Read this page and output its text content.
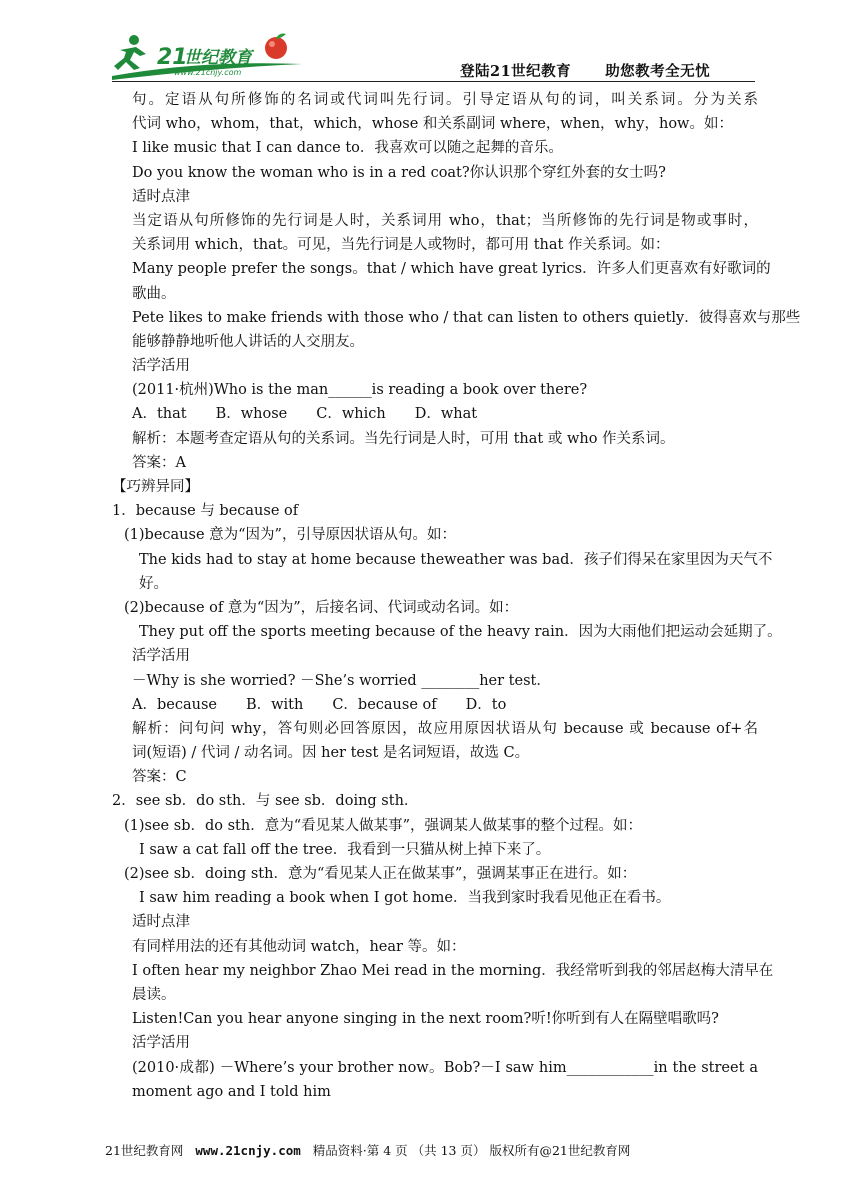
21
世纪教育
www.21cnjy.com	登陆21世纪教育 助您教考全无忧
句。定语从句所修饰的名词或代词叫先行词。引导定语从句的词，叫关系词。分为关系
代词 who，whom，that，which，whose 和关系副词 where，when，why，how。如：
I like music that I can dance to．我喜欢可以随之起舞的音乐。
Do you know the woman who is in a red coat?你认识那个穿红外套的女士吗?
适时点津
当定语从句所修饰的先行词是人时，关系词用 who，that；当所修饰的先行词是物或事时，
关系词用 which，that。可见，当先行词是人或物时，都可用 that 作关系词。如：
Many people prefer the songs。that / which have great lyrics．许多人们更喜欢有好歌词的
歌曲。
Pete likes to make friends with those who / that can listen to others quietly．彼得喜欢与那些
能够静静地听他人讲话的人交朋友。
活学活用
(2011·杭州)Who is the man______is reading a book over there?
A．that　　B．whose　　C．which　　D．what
解析：本题考查定语从句的关系词。当先行词是人时，可用 that 或 who 作关系词。
答案：A
【巧辨异同】
1．because 与 because of
(1)because 意为“因为”，引导原因状语从句。如：
The kids had to stay at home because theweather was bad．孩子们得呆在家里因为天气不
好。
(2)because of 意为“因为”，后接名词、代词或动名词。如：
They put off the sports meeting because of the heavy rain．因为大雨他们把运动会延期了。
活学活用
－Why is she worried? －She’s worried ________her test．
A．because　　B．with　　C．because of　　D．to
解析：问句问 why，答句则必回答原因，故应用原因状语从句 because 或 because of+名
词(短语) / 代词 / 动名词。因 her test 是名词短语，故选 C。
答案：C
2．see sb．do sth．与 see sb．doing sth．
(1)see sb．do sth．意为“看见某人做某事”，强调某人做某事的整个过程。如：
I saw a cat fall off the tree．我看到一只猫从树上掉下来了。
(2)see sb．doing sth．意为“看见某人正在做某事”，强调某事正在进行。如：
I saw him reading a book when I got home．当我到家时我看见他正在看书。
适时点津
有同样用法的还有其他动词 watch，hear 等。如：
I often hear my neighbor Zhao Mei read in the morning．我经常听到我的邻居赵梅大清早在
晨读。
Listen!Can you hear anyone singing in the next room?听!你听到有人在隔壁唱歌吗?
活学活用
(2010·成都) －Where’s your brother now。Bob?－I saw him____________in the street a
moment ago and I told him
21世纪教育网 www.21cnjy.com 精品资料·第 4 页 （共 13 页） 版权所有@21世纪教育网
